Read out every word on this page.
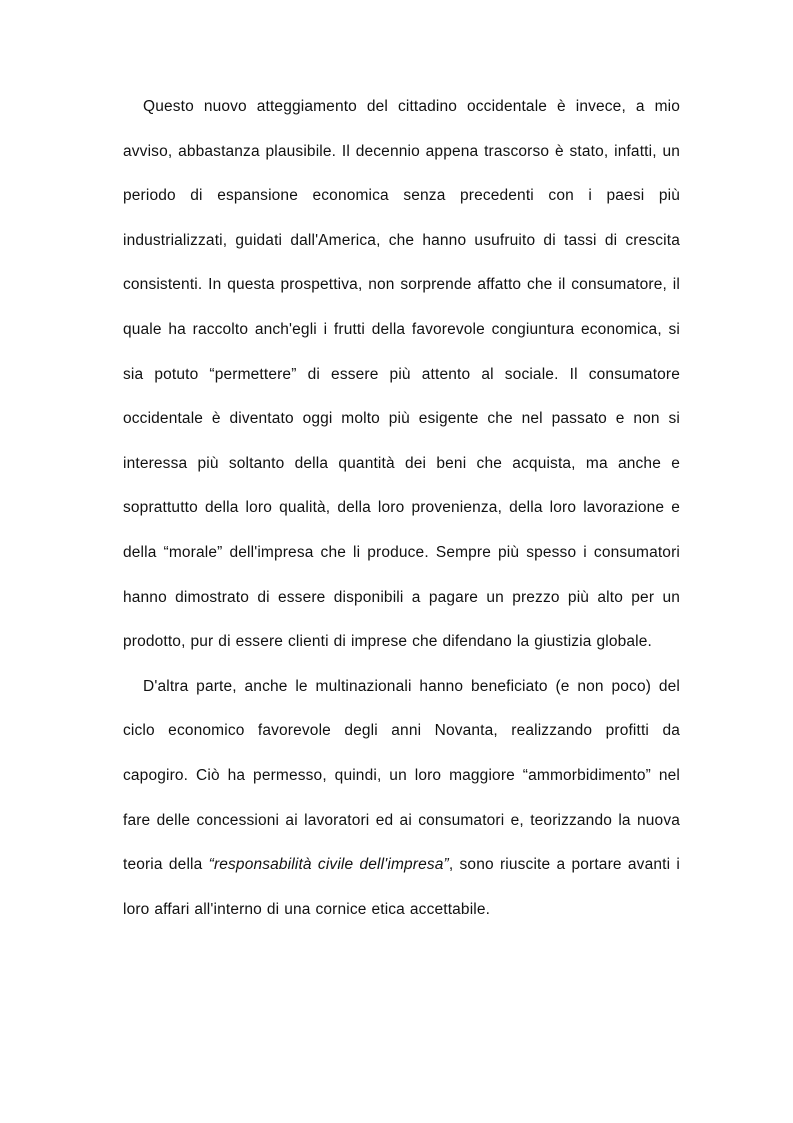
Questo nuovo atteggiamento del cittadino occidentale è invece, a mio avviso, abbastanza plausibile. Il decennio appena trascorso è stato, infatti, un periodo di espansione economica senza precedenti con i paesi più industrializzati, guidati dall'America, che hanno usufruito di tassi di crescita consistenti. In questa prospettiva, non sorprende affatto che il consumatore, il quale ha raccolto anch'egli i frutti della favorevole congiuntura economica, si sia potuto “permettere” di essere più attento al sociale. Il consumatore occidentale è diventato oggi molto più esigente che nel passato e non si interessa più soltanto della quantità dei beni che acquista, ma anche e soprattutto della loro qualità, della loro provenienza, della loro lavorazione e della “morale” dell'impresa che li produce. Sempre più spesso i consumatori hanno dimostrato di essere disponibili a pagare un prezzo più alto per un prodotto, pur di essere clienti di imprese che difendano la giustizia globale.

D'altra parte, anche le multinazionali hanno beneficiato (e non poco) del ciclo economico favorevole degli anni Novanta, realizzando profitti da capogiro. Ciò ha permesso, quindi, un loro maggiore “ammorbidimento” nel fare delle concessioni ai lavoratori ed ai consumatori e, teorizzando la nuova teoria della “responsabilità civile dell'impresa”, sono riuscite a portare avanti i loro affari all'interno di una cornice etica accettabile.
